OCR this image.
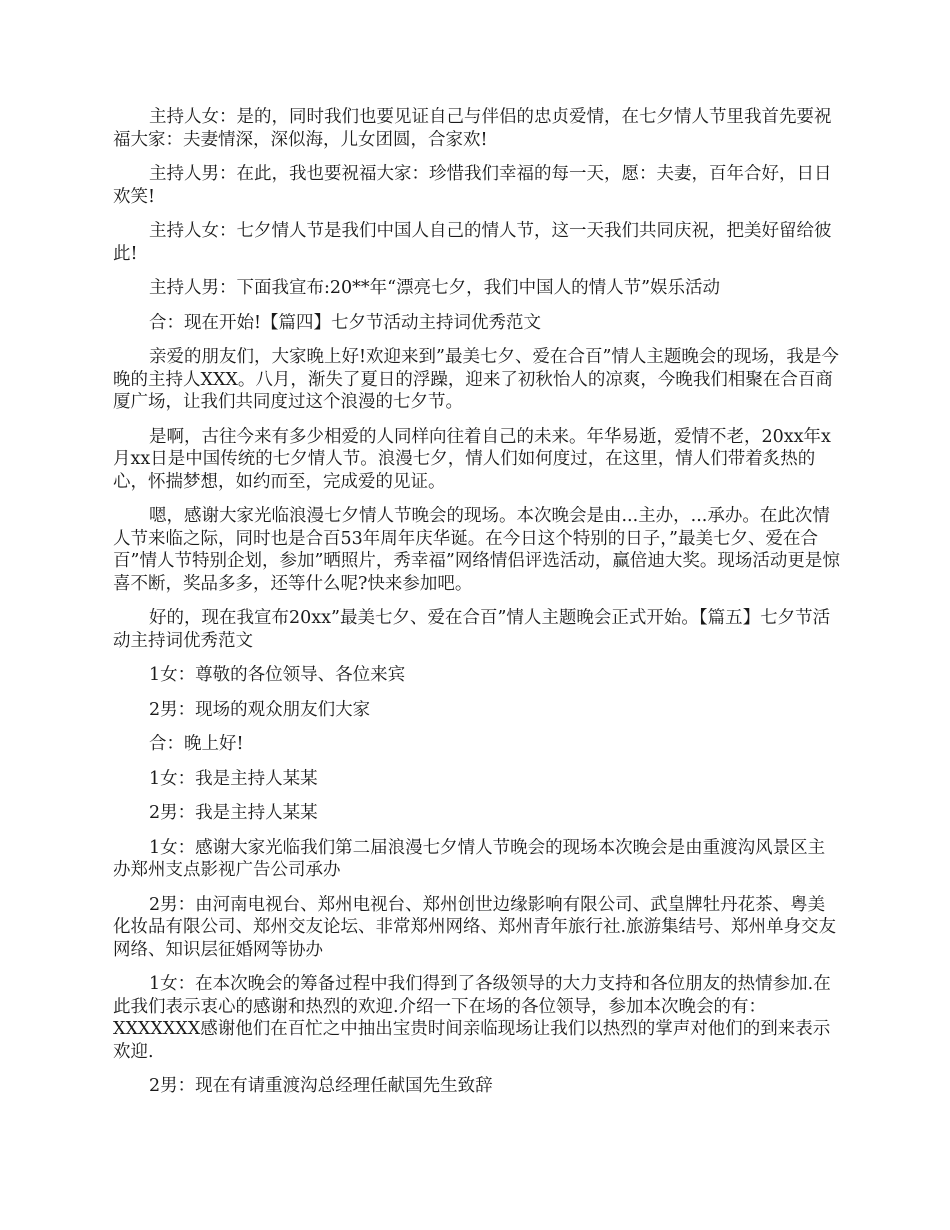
主持人女：是的，同时我们也要见证自己与伴侣的忠贞爱情，在七夕情人节里我首先要祝福大家：夫妻情深，深似海，儿女团圆，合家欢!

主持人男：在此，我也要祝福大家：珍惜我们幸福的每一天，愿：夫妻，百年合好，日日欢笑!

主持人女：七夕情人节是我们中国人自己的情人节，这一天我们共同庆祝，把美好留给彼此!

主持人男：下面我宣布:20**年“漂亮七夕，我们中国人的情人节”娱乐活动

合：现在开始!【篇四】七夕节活动主持词优秀范文

亲爱的朋友们，大家晚上好!欢迎来到”最美七夕、爱在合百”情人主题晚会的现场，我是今晚的主持人XXX。八月，渐失了夏日的浮躁，迎来了初秋怡人的凉爽，今晚我们相聚在合百商厦广场，让我们共同度过这个浪漫的七夕节。

是啊，古往今来有多少相爱的人同样向往着自己的未来。年华易逝，爱情不老，20xx年x月xx日是中国传统的七夕情人节。浪漫七夕，情人们如何度过，在这里，情人们带着炙热的心，怀揣梦想，如约而至，完成爱的见证。

嗯，感谢大家光临浪漫七夕情人节晚会的现场。本次晚会是由...主办，...承办。在此次情人节来临之际，同时也是合百53年周年庆华诞。在今日这个特别的日子，”最美七夕、爱在合百”情人节特别企划，参加”晒照片，秀幸福”网络情侣评选活动，赢倍迪大奖。现场活动更是惊喜不断，奖品多多，还等什么呢?快来参加吧。

好的，现在我宣布20xx”最美七夕、爱在合百”情人主题晚会正式开始。【篇五】七夕节活动主持词优秀范文

1女：尊敬的各位领导、各位来宾

2男：现场的观众朋友们大家

合：晚上好!

1女：我是主持人某某

2男：我是主持人某某

1女：感谢大家光临我们第二届浪漫七夕情人节晚会的现场本次晚会是由重渡沟风景区主办郑州支点影视广告公司承办

2男：由河南电视台、郑州电视台、郑州创世边缘影响有限公司、武皇牌牡丹花茶、粤美化妆品有限公司、郑州交友论坛、非常郑州网络、郑州青年旅行社.旅游集结号、郑州单身交友网络、知识层征婚网等协办

1女：在本次晚会的筹备过程中我们得到了各级领导的大力支持和各位朋友的热情参加.在此我们表示衷心的感谢和热烈的欢迎.介绍一下在场的各位领导，参加本次晚会的有：XXXXXXX感谢他们在百忙之中抽出宝贵时间亲临现场让我们以热烈的掌声对他们的到来表示欢迎.

2男：现在有请重渡沟总经理任献国先生致辞
